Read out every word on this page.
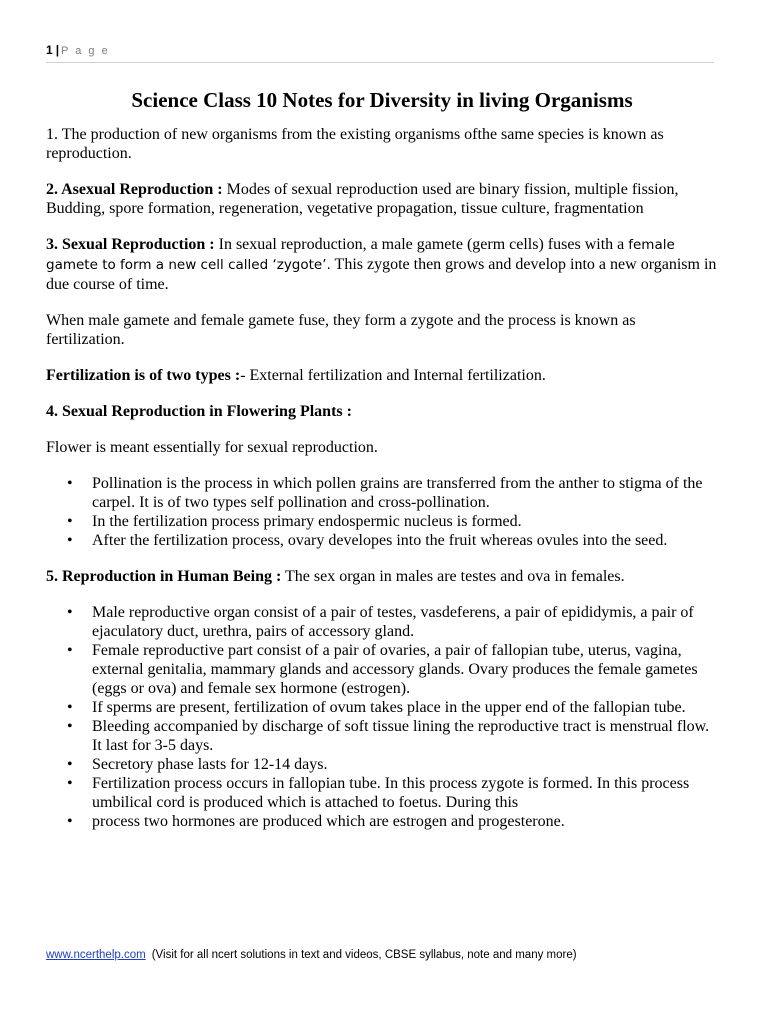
1 | P a g e
Science Class 10 Notes for Diversity in living Organisms

1. The production of new organisms from the existing organisms ofthe same species is known as reproduction.

2. Asexual Reproduction : Modes of sexual reproduction used are binary fission, multiple fission, Budding, spore formation, regeneration, vegetative propagation, tissue culture, fragmentation

3. Sexual Reproduction : In sexual reproduction, a male gamete (germ cells) fuses with a female gamete to form a new cell called ‘zygote’. This zygote then grows and develop into a new organism in due course of time.

When male gamete and female gamete fuse, they form a zygote and the process is known as fertilization.

Fertilization is of two types :- External fertilization and Internal fertilization.

4. Sexual Reproduction in Flowering Plants :

Flower is meant essentially for sexual reproduction.

• Pollination is the process in which pollen grains are transferred from the anther to stigma of the carpel. It is of two types self pollination and cross-pollination.
• In the fertilization process primary endospermic nucleus is formed.
• After the fertilization process, ovary developes into the fruit whereas ovules into the seed.

5. Reproduction in Human Being : The sex organ in males are testes and ova in females.

• Male reproductive organ consist of a pair of testes, vasdeferens, a pair of epididymis, a pair of ejaculatory duct, urethra, pairs of accessory gland.
• Female reproductive part consist of a pair of ovaries, a pair of fallopian tube, uterus, vagina, external genitalia, mammary glands and accessory glands. Ovary produces the female gametes (eggs or ova) and female sex hormone (estrogen).
• If sperms are present, fertilization of ovum takes place in the upper end of the fallopian tube.
• Bleeding accompanied by discharge of soft tissue lining the reproductive tract is menstrual flow. It last for 3-5 days.
• Secretory phase lasts for 12-14 days.
• Fertilization process occurs in fallopian tube. In this process zygote is formed. In this process umbilical cord is produced which is attached to foetus. During this
• process two hormones are produced which are estrogen and progesterone.
www.ncerthelp.com (Visit for all ncert solutions in text and videos, CBSE syllabus, note and many more)
